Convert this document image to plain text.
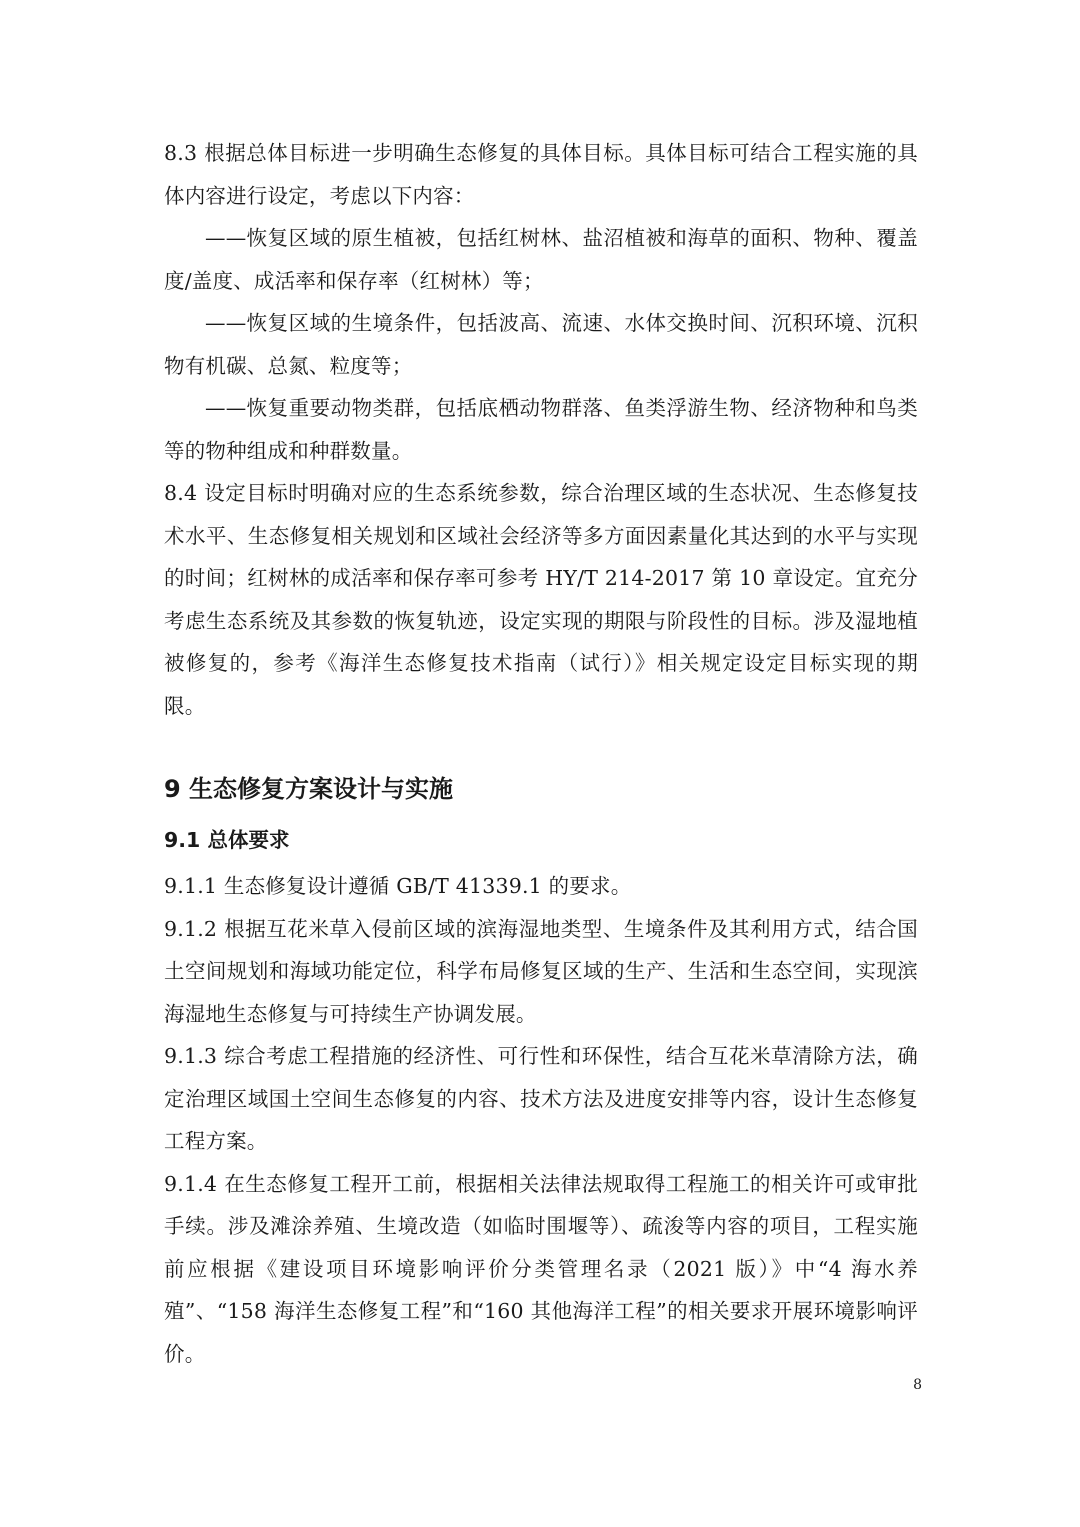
8.3 根据总体目标进一步明确生态修复的具体目标。具体目标可结合工程实施的具体内容进行设定，考虑以下内容：

——恢复区域的原生植被，包括红树林、盐沼植被和海草的面积、物种、覆盖度/盖度、成活率和保存率（红树林）等；

——恢复区域的生境条件，包括波高、流速、水体交换时间、沉积环境、沉积物有机碳、总氮、粒度等；

——恢复重要动物类群，包括底栖动物群落、鱼类浮游生物、经济物种和鸟类等的物种组成和种群数量。

8.4 设定目标时明确对应的生态系统参数，综合治理区域的生态状况、生态修复技术水平、生态修复相关规划和区域社会经济等多方面因素量化其达到的水平与实现的时间；红树林的成活率和保存率可参考 HY/T 214-2017 第 10 章设定。宜充分考虑生态系统及其参数的恢复轨迹，设定实现的期限与阶段性的目标。涉及湿地植被修复的，参考《海洋生态修复技术指南（试行）》相关规定设定目标实现的期限。

9 生态修复方案设计与实施
9.1 总体要求

9.1.1 生态修复设计遵循 GB/T 41339.1 的要求。

9.1.2 根据互花米草入侵前区域的滨海湿地类型、生境条件及其利用方式，结合国土空间规划和海域功能定位，科学布局修复区域的生产、生活和生态空间，实现滨海湿地生态修复与可持续生产协调发展。

9.1.3 综合考虑工程措施的经济性、可行性和环保性，结合互花米草清除方法，确定治理区域国土空间生态修复的内容、技术方法及进度安排等内容，设计生态修复工程方案。

9.1.4 在生态修复工程开工前，根据相关法律法规取得工程施工的相关许可或审批手续。涉及滩涂养殖、生境改造（如临时围堰等）、疏浚等内容的项目，工程实施前应根据《建设项目环境影响评价分类管理名录（2021 版）》中“4 海水养殖”、“158 海洋生态修复工程”和“160 其他海洋工程”的相关要求开展环境影响评价。

8
